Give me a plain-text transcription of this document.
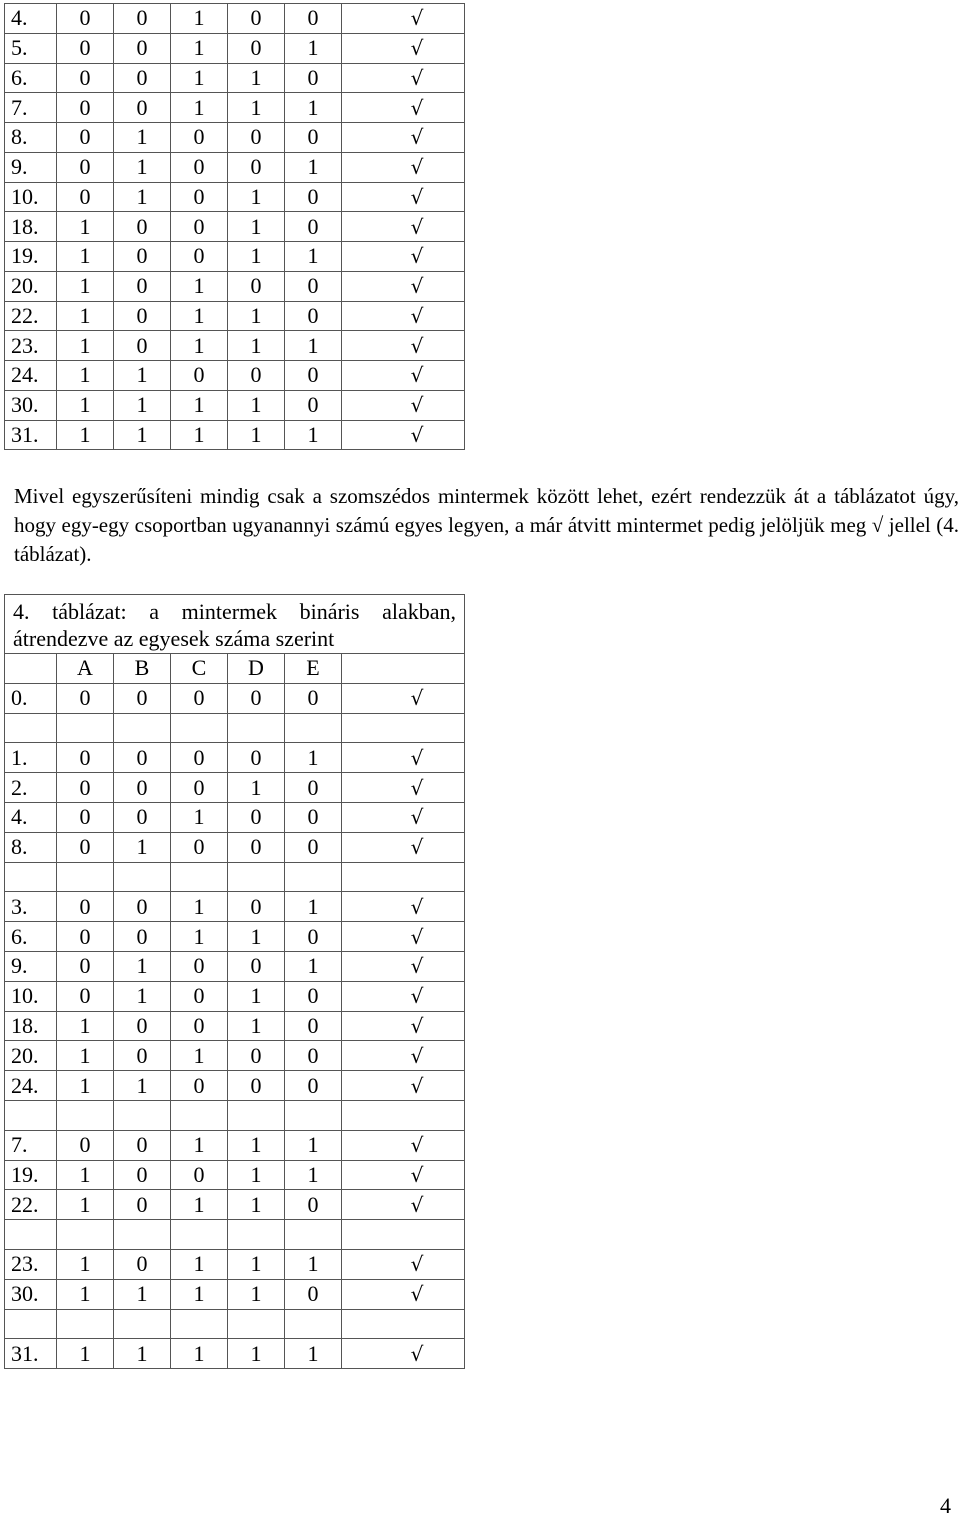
4.	0	0	1	0	0	√
5.	0	0	1	0	1	√
6.	0	0	1	1	0	√
7.	0	0	1	1	1	√
8.	0	1	0	0	0	√
9.	0	1	0	0	1	√
10.	0	1	0	1	0	√
18.	1	0	0	1	0	√
19.	1	0	0	1	1	√
20.	1	0	1	0	0	√
22.	1	0	1	1	0	√
23.	1	0	1	1	1	√
24.	1	1	0	0	0	√
30.	1	1	1	1	0	√
31.	1	1	1	1	1	√

Mivel egyszerűsíteni mindig csak a szomszédos mintermek között lehet, ezért rendezzük át a táblázatot úgy, hogy egy-egy csoportban ugyanannyi számú egyes legyen, a már átvitt mintermet pedig jelöljük meg √ jellel (4. táblázat).

4. táblázat: a mintermek bináris alakban, átrendezve az egyesek száma szerint						
	A	B	C	D	E	
0.	0	0	0	0	0	√

1.	0	0	0	0	1	√
2.	0	0	0	1	0	√
4.	0	0	1	0	0	√
8.	0	1	0	0	0	√

3.	0	0	1	0	1	√
6.	0	0	1	1	0	√
9.	0	1	0	0	1	√
10.	0	1	0	1	0	√
18.	1	0	0	1	0	√
20.	1	0	1	0	0	√
24.	1	1	0	0	0	√

7.	0	0	1	1	1	√
19.	1	0	0	1	1	√
22.	1	0	1	1	0	√

23.	1	0	1	1	1	√
30.	1	1	1	1	0	√

31.	1	1	1	1	1	√
4
